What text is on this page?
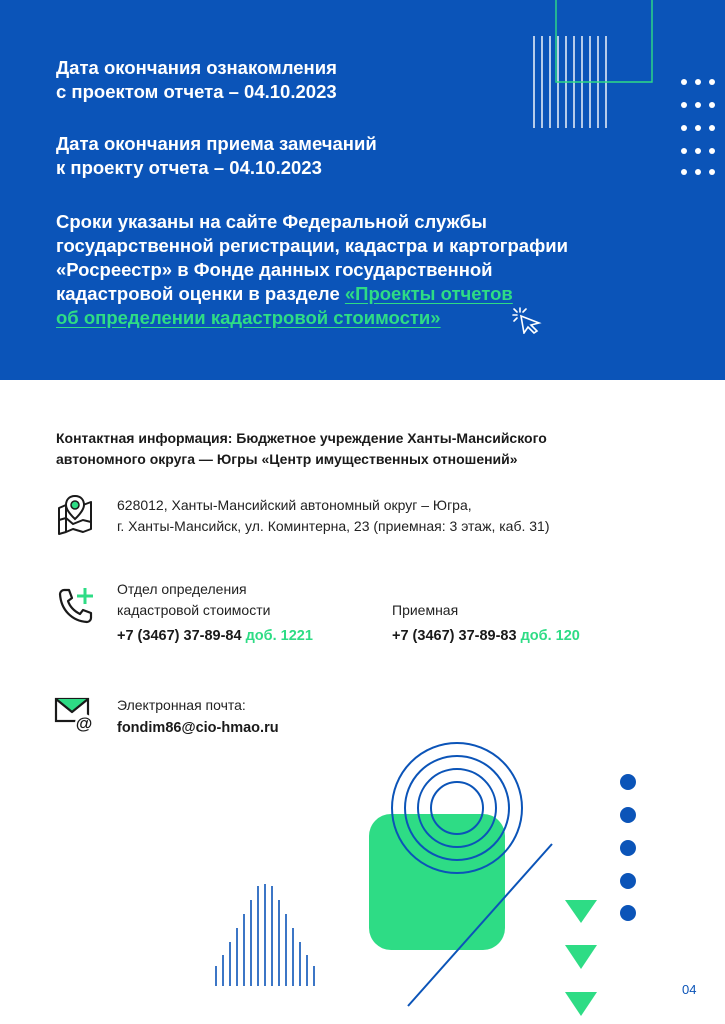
Дата окончания ознакомления
с проектом отчета – 04.10.2023
Дата окончания приема замечаний
к проекту отчета – 04.10.2023
Сроки указаны на сайте Федеральной службы
государственной регистрации, кадастра и картографии
«Росреестр» в Фонде данных государственной
кадастровой оценки в разделе «Проекты отчетов
об определении кадастровой стоимости»
Контактная информация: Бюджетное учреждение Ханты-Мансийского
автономного округа — Югры «Центр имущественных отношений»
628012, Ханты-Мансийский автономный округ – Югра,
г. Ханты-Мансийск, ул. Коминтерна, 23 (приемная: 3 этаж, каб. 31)
Отдел определения
кадастровой стоимости
+7 (3467) 37-89-84 доб. 1221
Приемная
+7 (3467) 37-89-83 доб. 120
@
Электронная почта:
fondim86@cio-hmao.ru
04
